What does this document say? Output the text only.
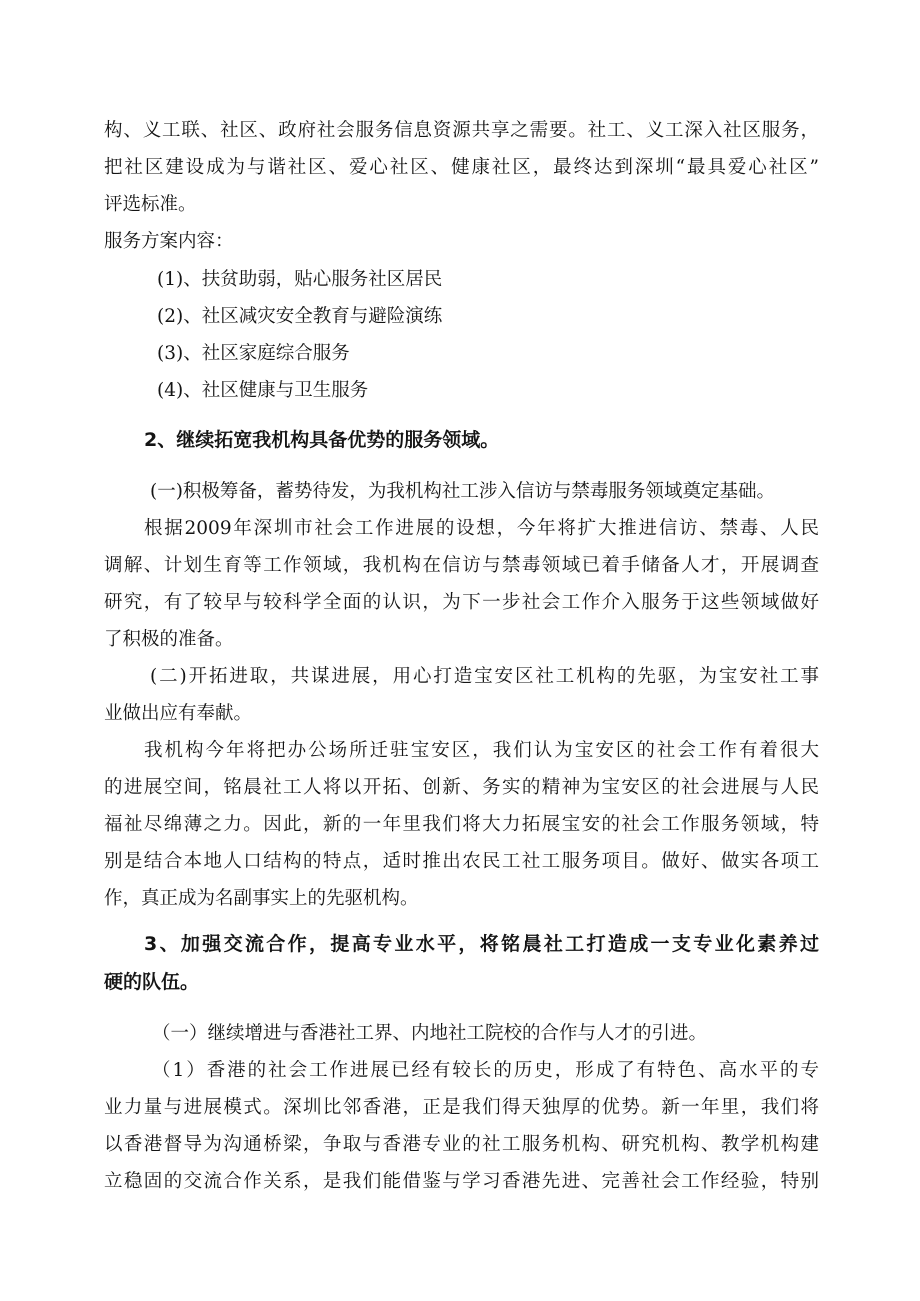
构、义工联、社区、政府社会服务信息资源共享之需要。社工、义工深入社区服务，
把社区建设成为与谐社区、爱心社区、健康社区，最终达到深圳“最具爱心社区”
评选标准。
服务方案内容：
(1)、扶贫助弱，贴心服务社区居民
(2)、社区减灾安全教育与避险演练
(3)、社区家庭综合服务
(4)、社区健康与卫生服务
2、继续拓宽我机构具备优势的服务领域。
(一)积极筹备，蓄势待发，为我机构社工涉入信访与禁毒服务领域奠定基础。
根据2009年深圳市社会工作进展的设想，今年将扩大推进信访、禁毒、人民
调解、计划生育等工作领域，我机构在信访与禁毒领域已着手储备人才，开展调查
研究，有了较早与较科学全面的认识，为下一步社会工作介入服务于这些领域做好
了积极的准备。
(二)开拓进取，共谋进展，用心打造宝安区社工机构的先驱，为宝安社工事
业做出应有奉献。
我机构今年将把办公场所迁驻宝安区，我们认为宝安区的社会工作有着很大
的进展空间，铭晨社工人将以开拓、创新、务实的精神为宝安区的社会进展与人民
福祉尽绵薄之力。因此，新的一年里我们将大力拓展宝安的社会工作服务领域，特
别是结合本地人口结构的特点，适时推出农民工社工服务项目。做好、做实各项工
作，真正成为名副事实上的先驱机构。
3、加强交流合作，提高专业水平，将铭晨社工打造成一支专业化素养过
硬的队伍。
（一）继续增进与香港社工界、内地社工院校的合作与人才的引进。
（1）香港的社会工作进展已经有较长的历史，形成了有特色、高水平的专
业力量与进展模式。深圳比邻香港，正是我们得天独厚的优势。新一年里，我们将
以香港督导为沟通桥梁，争取与香港专业的社工服务机构、研究机构、教学机构建
立稳固的交流合作关系，是我们能借鉴与学习香港先进、完善社会工作经验，特别
